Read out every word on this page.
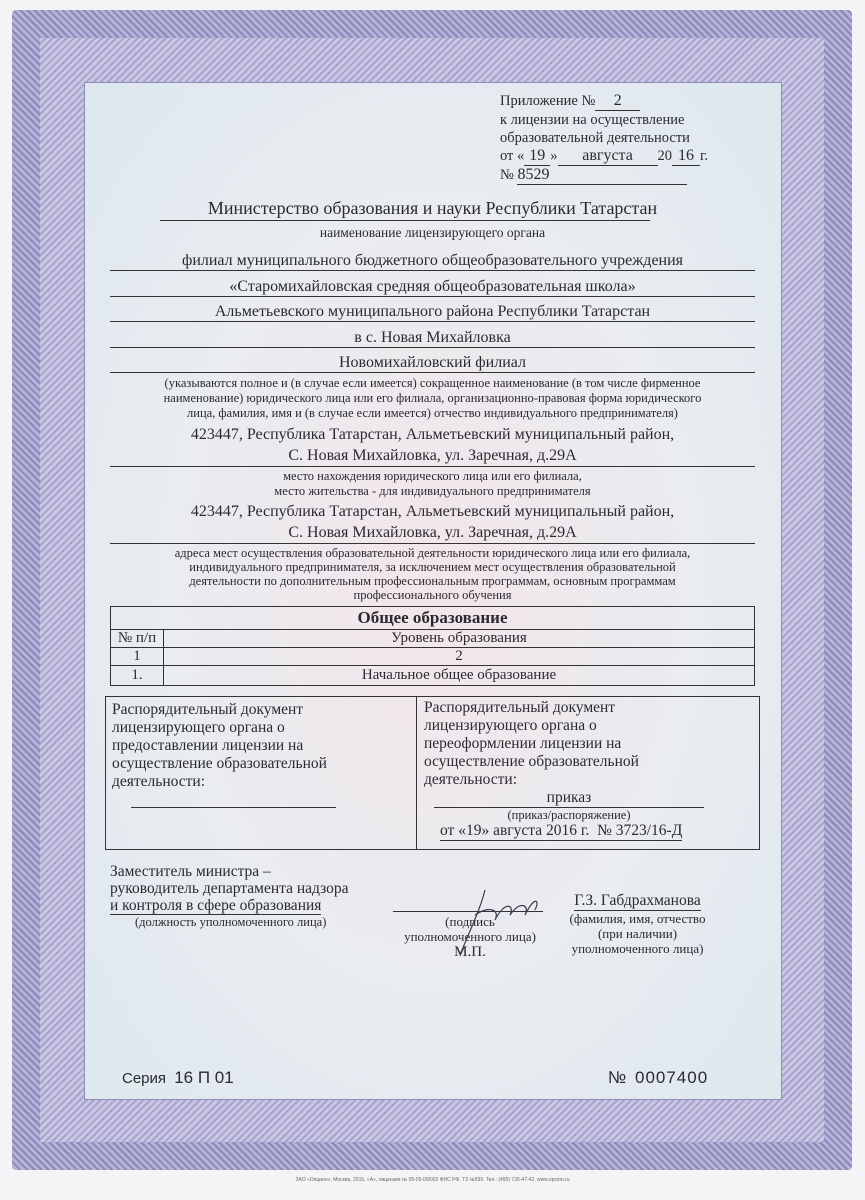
Приложение № 2
к лицензии на осуществление
образовательной деятельности
от « 19 » августа 20 16 г.
№ 8529
Министерство образования и науки Республики Татарстан
наименование лицензирующего органа
филиал муниципального бюджетного общеобразовательного учреждения
«Старомихайловская средняя общеобразовательная школа»
Альметьевского муниципального района Республики Татарстан
в с. Новая Михайловка
Новомихайловский филиал
(указываются полное и (в случае если имеется) сокращенное наименование (в том числе фирменное
наименование) юридического лица или его филиала, организационно-правовая форма юридического
лица, фамилия, имя и (в случае если имеется) отчество индивидуального предпринимателя)
423447, Республика Татарстан, Альметьевский муниципальный район,
С. Новая Михайловка, ул. Заречная, д.29А
место нахождения юридического лица или его филиала,
место жительства - для индивидуального предпринимателя
423447, Республика Татарстан, Альметьевский муниципальный район,
С. Новая Михайловка, ул. Заречная, д.29А
адреса мест осуществления образовательной деятельности юридического лица или его филиала,
индивидуального предпринимателя, за исключением мест осуществления образовательной
деятельности по дополнительным профессиональным программам, основным программам
профессионального обучения
Общее образование	
№ п/п	Уровень образования
1	2
1.	Начальное общее образование
Распорядительный документ
лицензирующего органа о
предоставлении лицензии на
осуществление образовательной
деятельности:
Распорядительный документ
лицензирующего органа о
переоформлении лицензии на
осуществление образовательной
деятельности:
приказ
(приказ/распоряжение)
от «19» августа 2016 г.  № 3723/16-Д
Заместитель министра –
руководитель департамента надзора
и контроля в сфере образования
(должность уполномоченного лица)	(подпись
уполномоченного лица)
М.П.
Г.З. Габдрахманова
(фамилия, имя, отчество
(при наличии)
уполномоченного лица)
Серия 16 П 01	№ 0007400
ЗАО «Опцион», Москва, 2015, «А», лицензия № 05-05-09/003 ФНС РФ, ТЗ №599. Тел.: (495) 726-47-42, www.opcion.ru
